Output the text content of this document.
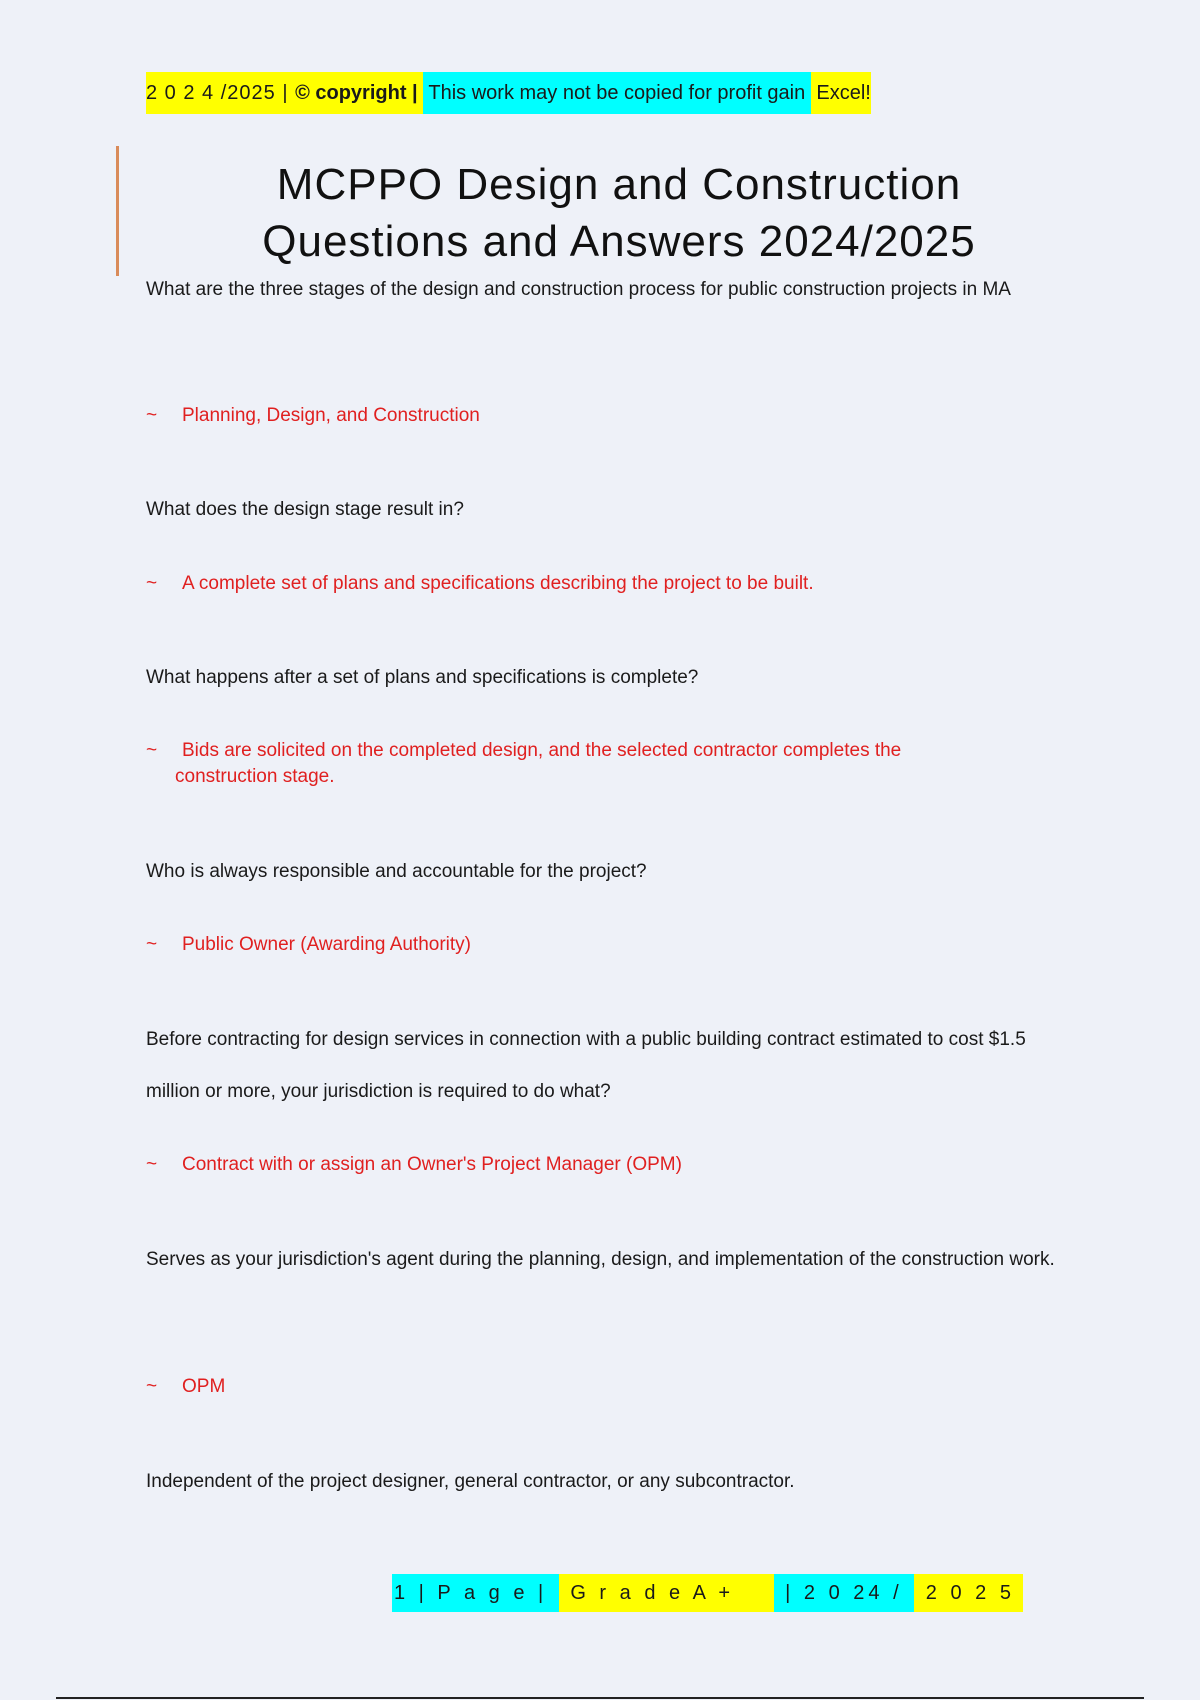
2 0 2 4 /2025 | © copyright | This work may not be copied for profit gain Excel!
MCPPO Design and Construction
Questions and Answers 2024/2025
What are the three stages of the design and construction process for public construction projects in MA
~ Planning, Design, and Construction
What does the design stage result in?
~ A complete set of plans and specifications describing the project to be built.
What happens after a set of plans and specifications is complete?
~ Bids are solicited on the completed design, and the selected contractor completes the
construction stage.
Who is always responsible and accountable for the project?
~ Public Owner (Awarding Authority)
Before contracting for design services in connection with a public building contract estimated to cost $1.5 million or more, your jurisdiction is required to do what?
~ Contract with or assign an Owner's Project Manager (OPM)
Serves as your jurisdiction's agent during the planning, design, and implementation of the construction work.
~ OPM
Independent of the project designer, general contractor, or any subcontractor.
1 | P a g e | G r a d e A +	| 2 0 24 / 2 0 2 5
